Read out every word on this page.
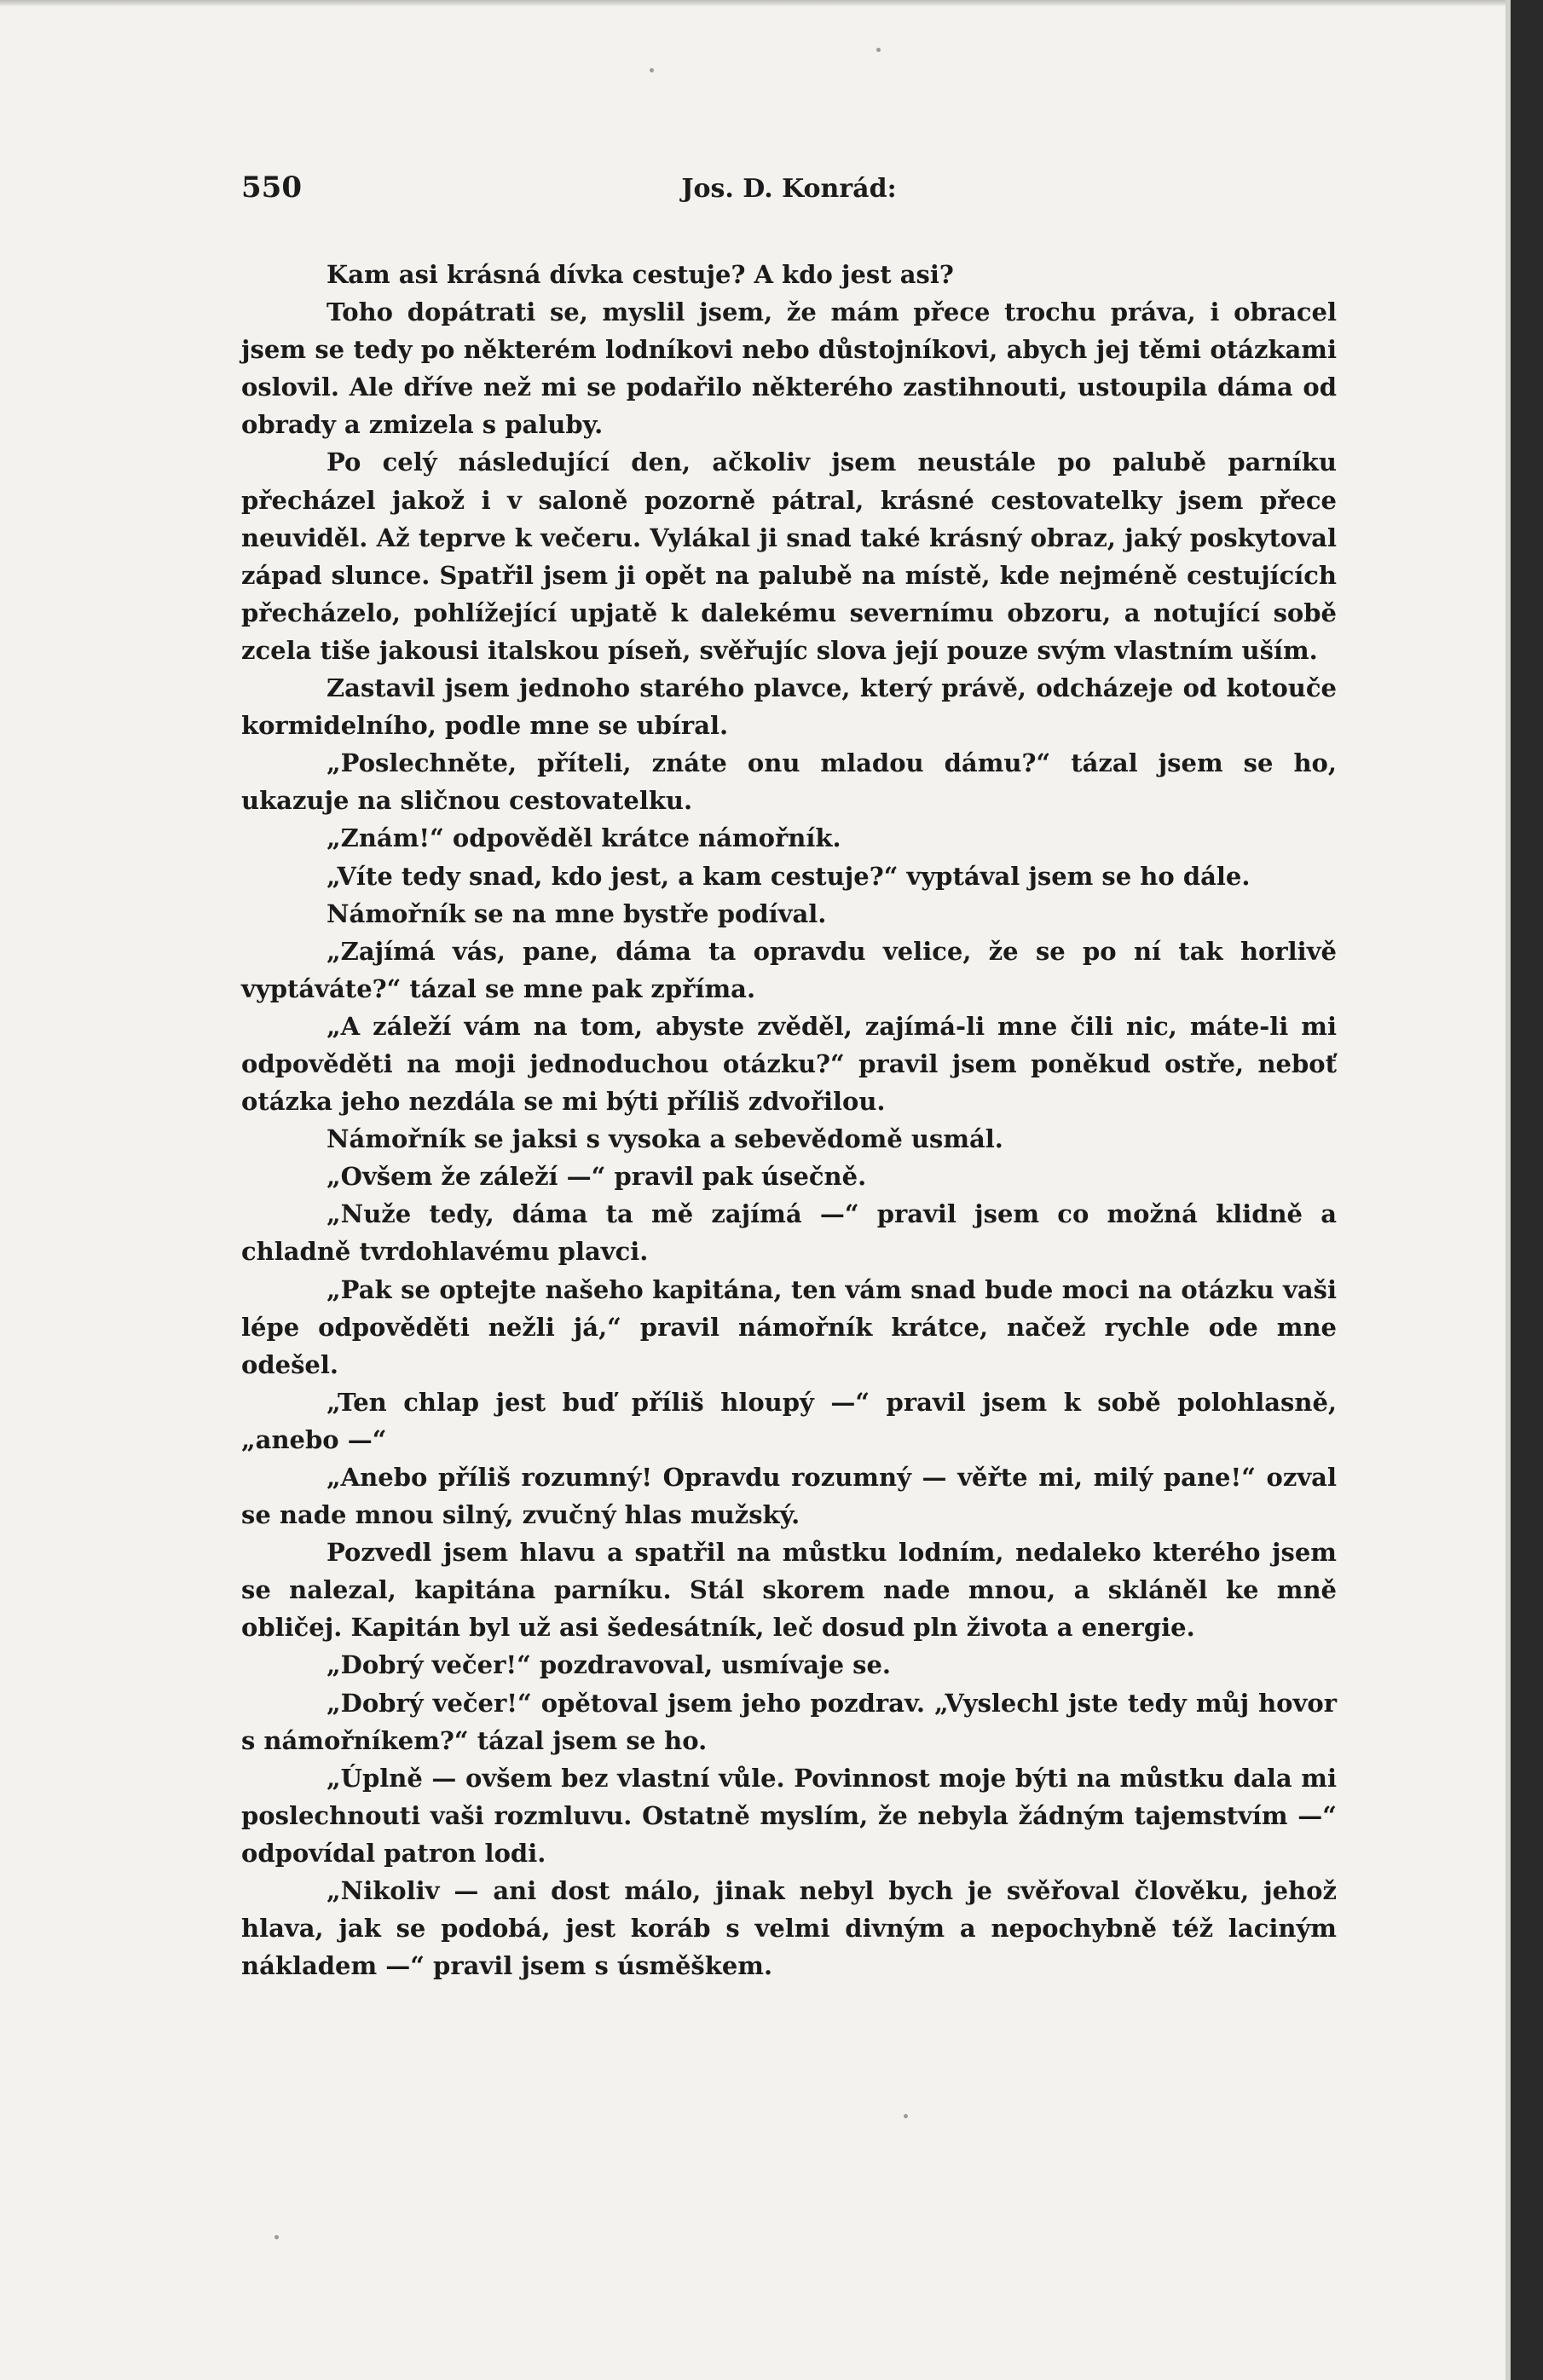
550	Jos. D. Konrád:

Kam asi krásná dívka cestuje? A kdo jest asi?

Toho dopátrati se, myslil jsem, že mám přece trochu práva, i obracel jsem se tedy po některém lodníkovi nebo důstojníkovi, abych jej těmi otázkami oslovil. Ale dříve než mi se podařilo některého zastihnouti, ustoupila dáma od obrady a zmizela s paluby.

Po celý následující den, ačkoliv jsem neustále po palubě parníku přecházel jakož i v saloně pozorně pátral, krásné cestovatelky jsem přece neuviděl. Až teprve k večeru. Vylákal ji snad také krásný obraz, jaký poskytoval západ slunce. Spatřil jsem ji opět na palubě na místě, kde nejméně cestujících přecházelo, pohlížející upjatě k dalekému severnímu obzoru, a notující sobě zcela tiše jakousi italskou píseň, svěřujíc slova její pouze svým vlastním uším.

Zastavil jsem jednoho starého plavce, který právě, odcházeje od kotouče kormidelního, podle mne se ubíral.

„Poslechněte, příteli, znáte onu mladou dámu?“ tázal jsem se ho, ukazuje na sličnou cestovatelku.

„Znám!“ odpověděl krátce námořník.

„Víte tedy snad, kdo jest, a kam cestuje?“ vyptával jsem se ho dále.

Námořník se na mne bystře podíval.

„Zajímá vás, pane, dáma ta opravdu velice, že se po ní tak horlivě vyptáváte?“ tázal se mne pak zpříma.

„A záleží vám na tom, abyste zvěděl, zajímá-li mne čili nic, máte-li mi odpověděti na moji jednoduchou otázku?“ pravil jsem poněkud ostře, neboť otázka jeho nezdála se mi býti příliš zdvořilou.

Námořník se jaksi s vysoka a sebevědomě usmál.

„Ovšem že záleží —“ pravil pak úsečně.

„Nuže tedy, dáma ta mě zajímá —“ pravil jsem co možná klidně a chladně tvrdohlavému plavci.

„Pak se optejte našeho kapitána, ten vám snad bude moci na otázku vaši lépe odpověděti nežli já,“ pravil námořník krátce, načež rychle ode mne odešel.

„Ten chlap jest buď příliš hloupý —“ pravil jsem k sobě polohlasně, „anebo —“

„Anebo příliš rozumný! Opravdu rozumný — věřte mi, milý pane!“ ozval se nade mnou silný, zvučný hlas mužský.

Pozvedl jsem hlavu a spatřil na můstku lodním, nedaleko kterého jsem se nalezal, kapitána parníku. Stál skorem nade mnou, a skláněl ke mně obličej. Kapitán byl už asi šedesátník, leč dosud pln života a energie.

„Dobrý večer!“ pozdravoval, usmívaje se.

„Dobrý večer!“ opětoval jsem jeho pozdrav. „Vyslechl jste tedy můj hovor s námořníkem?“ tázal jsem se ho.

„Úplně — ovšem bez vlastní vůle. Povinnost moje býti na můstku dala mi poslechnouti vaši rozmluvu. Ostatně myslím, že nebyla žádným tajemstvím —“ odpovídal patron lodi.

„Nikoliv — ani dost málo, jinak nebyl bych je svěřoval člověku, jehož hlava, jak se podobá, jest koráb s velmi divným a nepochybně též laciným nákladem —“ pravil jsem s úsměškem.
